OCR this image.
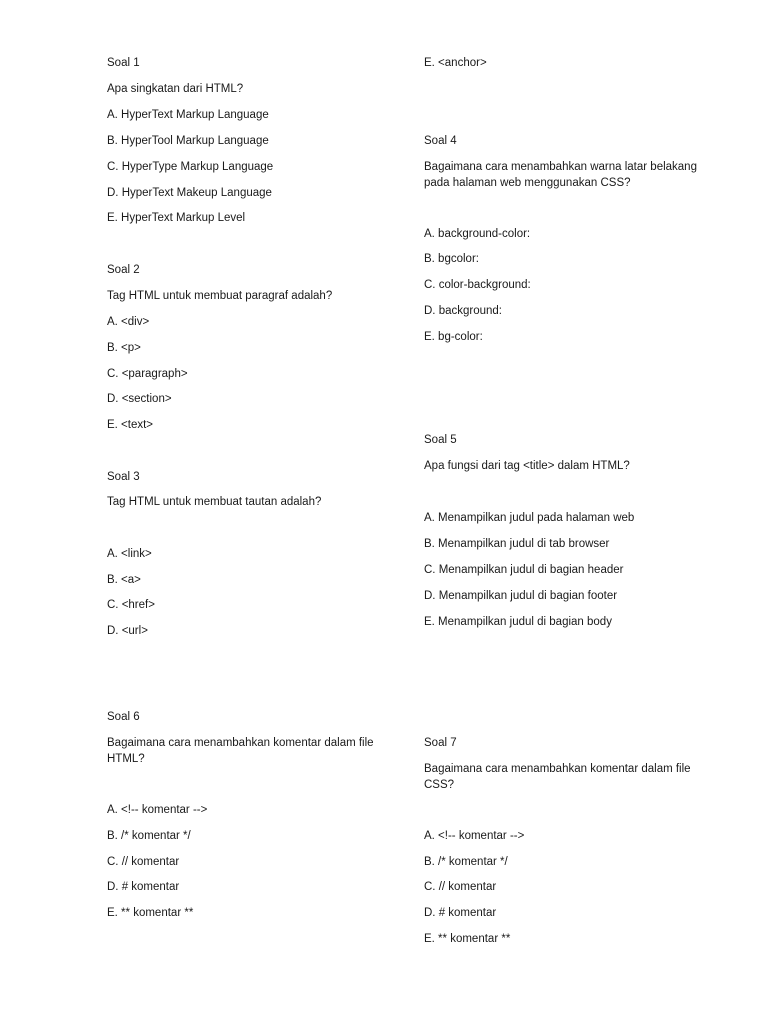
Soal 1
Apa singkatan dari HTML?
A. HyperText Markup Language
B. HyperTool Markup Language
C. HyperType Markup Language
D. HyperText Makeup Language
E. HyperText Markup Level
Soal 2
Tag HTML untuk membuat paragraf adalah?
A. <div>
B. <p>
C. <paragraph>
D. <section>
E. <text>
Soal 3
Tag HTML untuk membuat tautan adalah?
A. <link>
B. <a>
C. <href>
D. <url>
E. <anchor>
Soal 6
Bagaimana cara menambahkan komentar dalam file HTML?
A. <!-- komentar -->
B. /* komentar */
C. // komentar
D. # komentar
E. ** komentar **
Soal 4
Bagaimana cara menambahkan warna latar belakang pada halaman web menggunakan CSS?
A. background-color:
B. bgcolor:
C. color-background:
D. background:
E. bg-color:
Soal 5
Apa fungsi dari tag <title> dalam HTML?
A. Menampilkan judul pada halaman web
B. Menampilkan judul di tab browser
C. Menampilkan judul di bagian header
D. Menampilkan judul di bagian footer
E. Menampilkan judul di bagian body
Soal 7
Bagaimana cara menambahkan komentar dalam file CSS?
A. <!-- komentar -->
B. /* komentar */
C. // komentar
D. # komentar
E. ** komentar **
